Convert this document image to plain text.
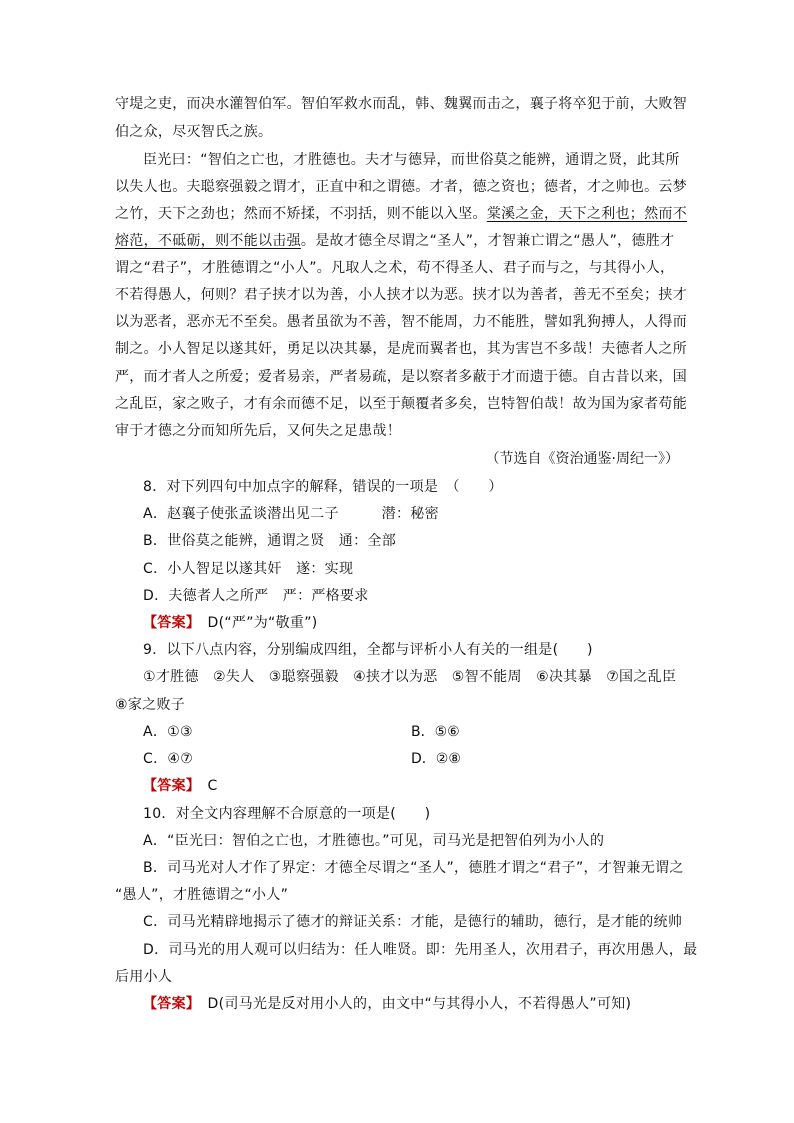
守堤之吏，而决水灌智伯军。智伯军救水而乱，韩、魏翼而击之，襄子将卒犯于前，大败智
伯之众，尽灭智氏之族。
臣光曰：“智伯之亡也，才胜德也。夫才与德异，而世俗莫之能辨，通谓之贤，此其所
以失人也。夫聪察强毅之谓才，正直中和之谓德。才者，德之资也；德者，才之帅也。云梦
之竹，天下之劲也；然而不矫揉，不羽括，则不能以入坚。棠溪之金，天下之利也；然而不
熔范，不砥砺，则不能以击强。是故才德全尽谓之“圣人”，才智兼亡谓之“愚人”，德胜才
谓之“君子”，才胜德谓之“小人”。凡取人之术，苟不得圣人、君子而与之，与其得小人，
不若得愚人，何则？君子挟才以为善，小人挟才以为恶。挟才以为善者，善无不至矣；挟才
以为恶者，恶亦无不至矣。愚者虽欲为不善，智不能周，力不能胜，譬如乳狗搏人，人得而
制之。小人智足以遂其奸，勇足以决其暴，是虎而翼者也，其为害岂不多哉！夫德者人之所
严，而才者人之所爱；爱者易亲，严者易疏，是以察者多蔽于才而遗于德。自古昔以来，国
之乱臣，家之败子，才有余而德不足，以至于颠覆者多矣，岂特智伯哉！故为国为家者苟能
审于才德之分而知所先后，又何失之足患哉！
（节选自《资治通鉴·周纪一》）
8．对下列四句中加点字的解释，错误的一项是　（　　）
A．赵襄子使张孟谈潜出见二子　　　潜：秘密
B．世俗莫之能辨，通谓之贤　通：全部
C．小人智足以遂其奸　遂：实现
D．夫德者人之所严　严：严格要求
【答案】　D(“严”为“敬重”)
9．以下八点内容，分别编成四组，全都与评析小人有关的一组是(　　)
①才胜德　②失人　③聪察强毅　④挟才以为恶　⑤智不能周　⑥决其暴　⑦国之乱臣
⑧家之败子
A．①③	B．⑤⑥
C．④⑦	D．②⑧
【答案】　C
10．对全文内容理解不合原意的一项是(　　)
A．“臣光曰：智伯之亡也，才胜德也。”可见，司马光是把智伯列为小人的
B．司马光对人才作了界定：才德全尽谓之“圣人”，德胜才谓之“君子”，才智兼无谓之
“愚人”，才胜德谓之“小人”
C．司马光精辟地揭示了德才的辩证关系：才能，是德行的辅助，德行，是才能的统帅
D．司马光的用人观可以归结为：任人唯贤。即：先用圣人，次用君子，再次用愚人，最
后用小人
【答案】　D(司马光是反对用小人的，由文中“与其得小人，不若得愚人”可知)
